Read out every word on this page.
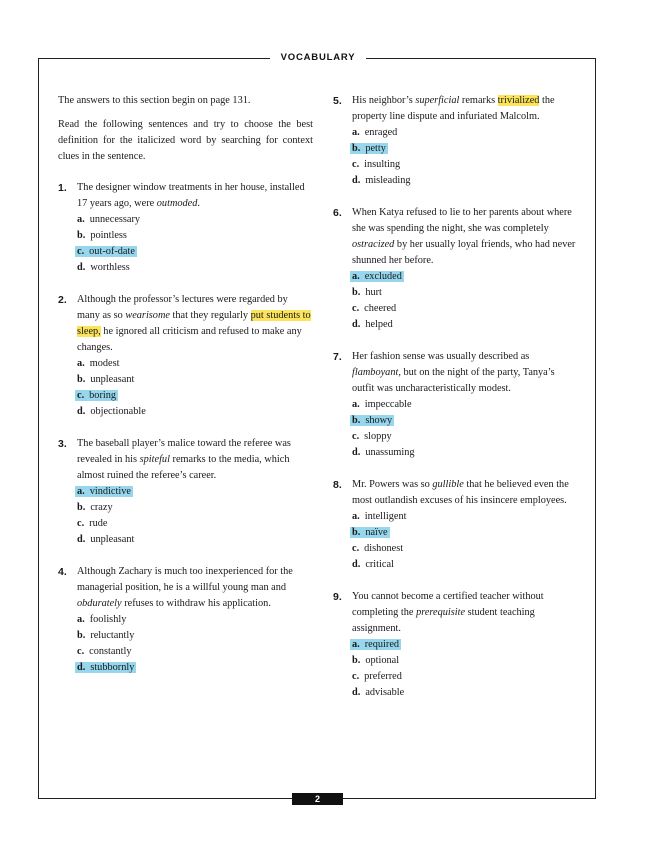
VOCABULARY
2

The answers to this section begin on page 131.

Read the following sentences and try to choose the best definition for the italicized word by searching for context clues in the sentence.

1. The designer window treatments in her house, installed 17 years ago, were outmoded.
a. unnecessary
b. pointless
c. out-of-date
d. worthless
2. Although the professor’s lectures were regarded by many as so wearisome that they regularly put students to sleep, he ignored all criticism and refused to make any changes.
a. modest
b. unpleasant
c. boring
d. objectionable
3. The baseball player’s malice toward the referee was revealed in his spiteful remarks to the media, which almost ruined the referee’s career.
a. vindictive
b. crazy
c. rude
d. unpleasant
4. Although Zachary is much too inexperienced for the managerial position, he is a willful young man and obdurately refuses to withdraw his application.
a. foolishly
b. reluctantly
c. constantly
d. stubbornly
5. His neighbor’s superficial remarks trivialized the property line dispute and infuriated Malcolm.
a. enraged
b. petty
c. insulting
d. misleading
6. When Katya refused to lie to her parents about where she was spending the night, she was completely ostracized by her usually loyal friends, who had never shunned her before.
a. excluded
b. hurt
c. cheered
d. helped
7. Her fashion sense was usually described as flamboyant, but on the night of the party, Tanya’s outfit was uncharacteristically modest.
a. impeccable
b. showy
c. sloppy
d. unassuming
8. Mr. Powers was so gullible that he believed even the most outlandish excuses of his insincere employees.
a. intelligent
b. naïve
c. dishonest
d. critical
9. You cannot become a certified teacher without completing the prerequisite student teaching assignment.
a. required
b. optional
c. preferred
d. advisable
